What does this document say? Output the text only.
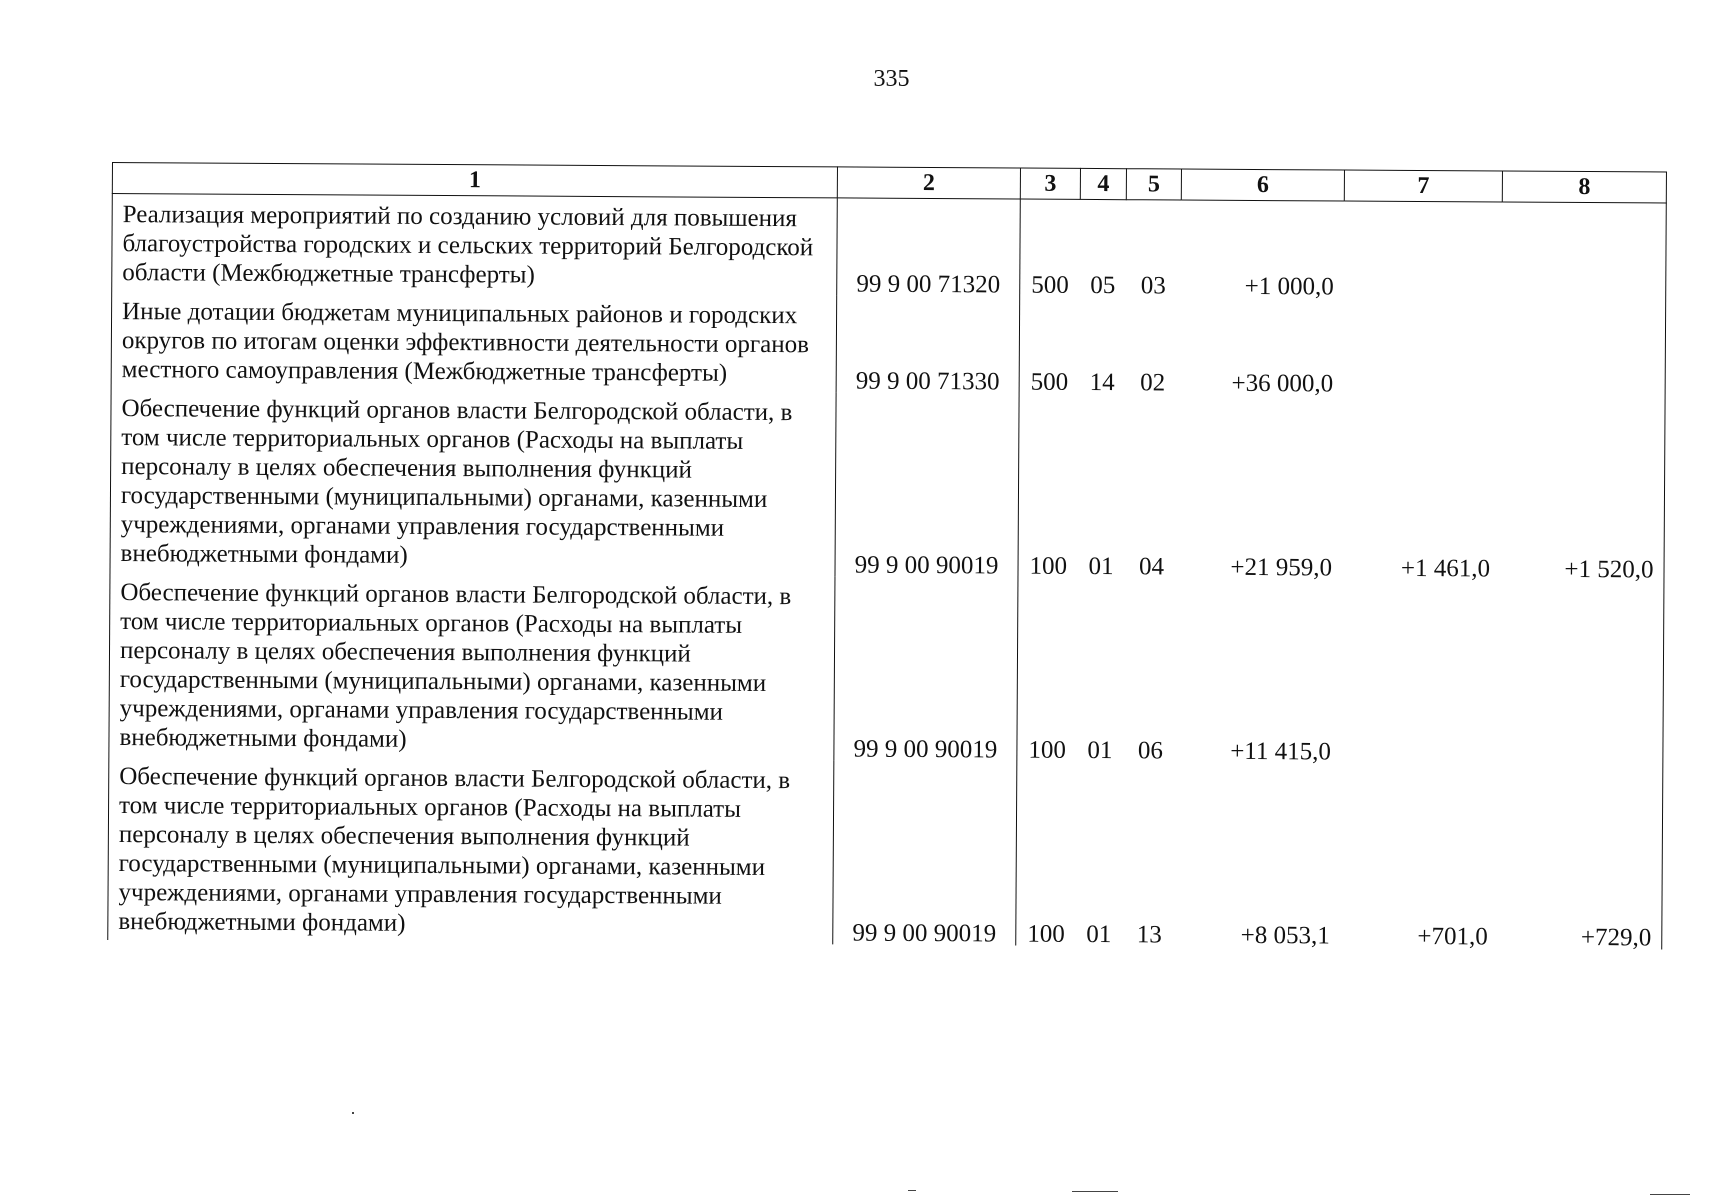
335
1	2	3	4	5	6	7	8
Реализация мероприятий по созданию условий для повышения благоустройства городских и сельских территорий Белгородской области (Межбюджетные трансферты)	99 9 00 71320	500	05	03	+1 000,0		
Иные дотации бюджетам муниципальных районов и городских округов по итогам оценки эффективности деятельности органов местного самоуправления (Межбюджетные трансферты)	99 9 00 71330	500	14	02	+36 000,0		
Обеспечение функций органов власти Белгородской области, в том числе территориальных органов (Расходы на выплаты персоналу в целях обеспечения выполнения функций государственными (муниципальными) органами, казенными учреждениями, органами управления государственными внебюджетными фондами)	99 9 00 90019	100	01	04	+21 959,0	+1 461,0	+1 520,0
Обеспечение функций органов власти Белгородской области, в том числе территориальных органов (Расходы на выплаты персоналу в целях обеспечения выполнения функций государственными (муниципальными) органами, казенными учреждениями, органами управления государственными внебюджетными фондами)	99 9 00 90019	100	01	06	+11 415,0		
Обеспечение функций органов власти Белгородской области, в том числе территориальных органов (Расходы на выплаты персоналу в целях обеспечения выполнения функций государственными (муниципальными) органами, казенными учреждениями, органами управления государственными внебюджетными фондами)	99 9 00 90019	100	01	13	+8 053,1	+701,0	+729,0
